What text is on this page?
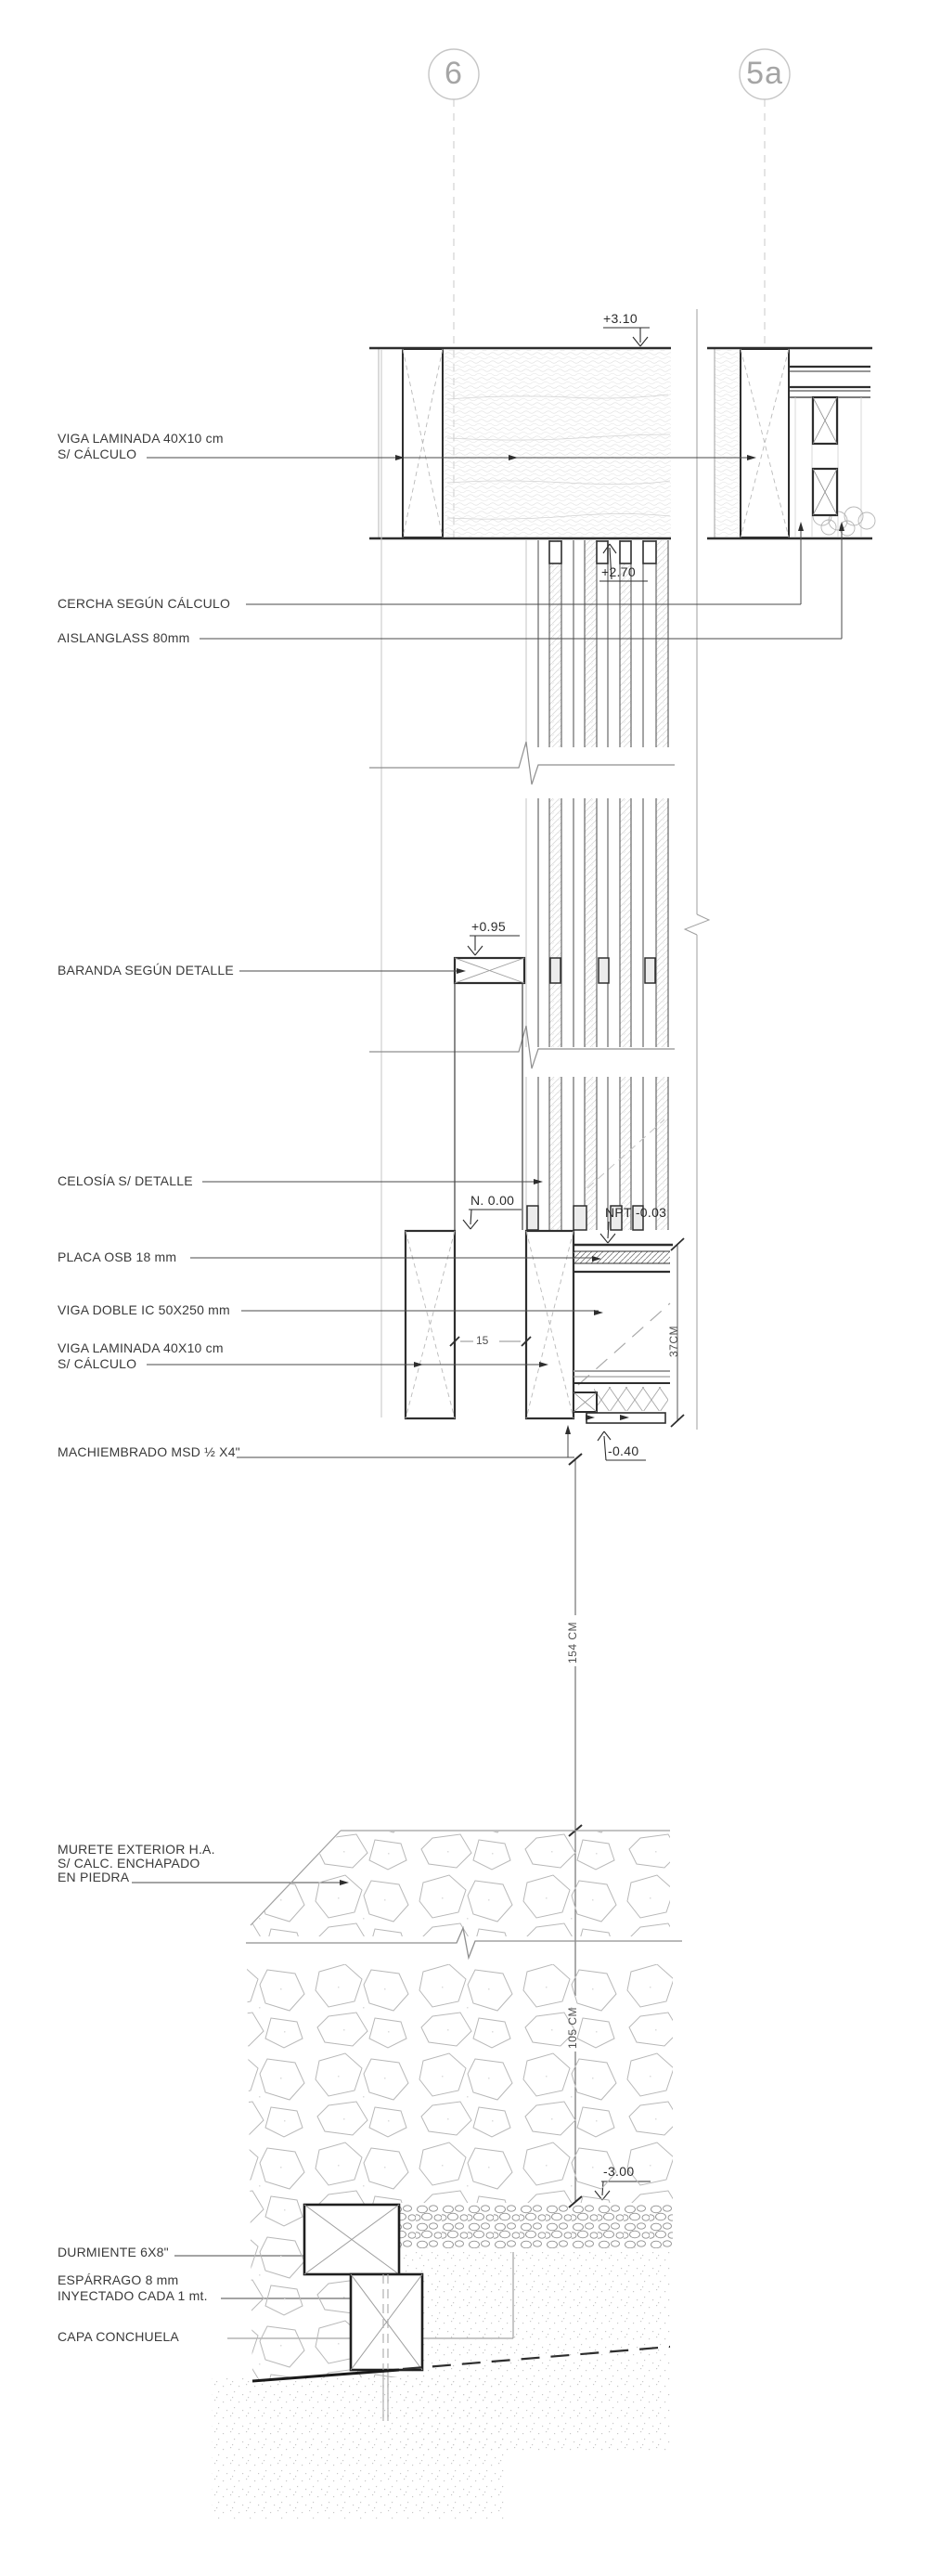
6	5a
+3.10
+2.70
+0.95
N. 0.00
NPT -0.03
-0.40
-3.00
15	37CM
154 CM
105 CM
VIGA LAMINADA 40X10 cm
S/ CÁLCULO
CERCHA SEGÚN CÁLCULO
AISLANGLASS 80mm
BARANDA SEGÚN DETALLE
CELOSÍA S/ DETALLE
PLACA OSB 18 mm
VIGA DOBLE IC 50X250 mm
VIGA LAMINADA 40X10 cm
S/ CÁLCULO
MACHIEMBRADO MSD ½ X4"
MURETE EXTERIOR H.A.
S/ CALC. ENCHAPADO
EN PIEDRA
DURMIENTE 6X8"
ESPÁRRAGO 8 mm
INYECTADO CADA 1 mt.
CAPA CONCHUELA
